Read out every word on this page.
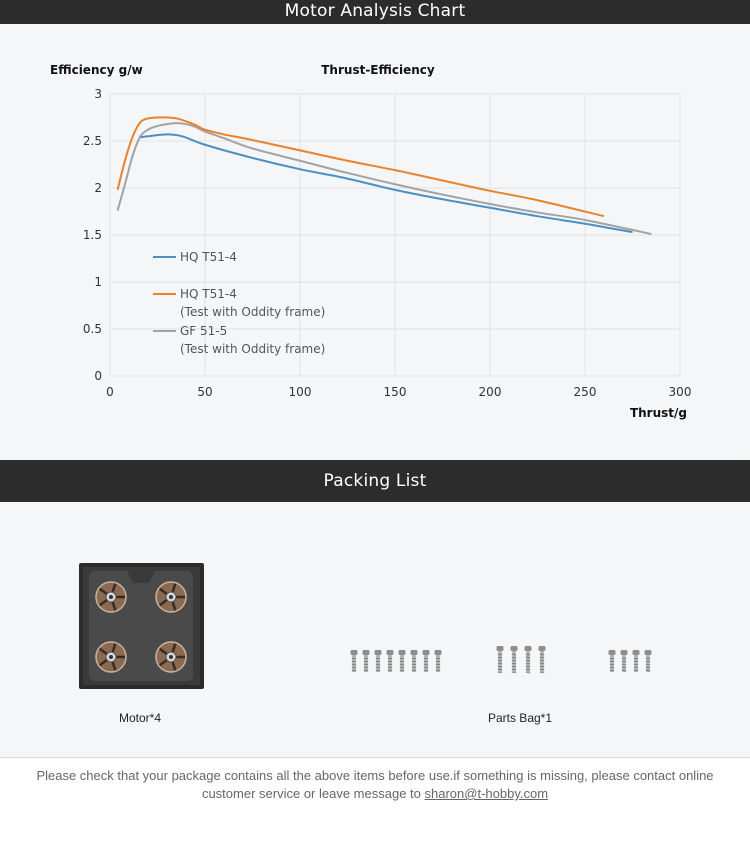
Motor Analysis Chart
0
0.5
1
1.5
2
2.5
3
0	50	100	150	200	250	300
HQ T51-4
HQ T51-4
(Test with Oddity frame)
GF 51-5
(Test with Oddity frame)
Efficiency g/w	Thrust-Efficiency
Thrust/g
Packing List
Motor*4	Parts Bag*1
Please check that your package contains all the above items before use.if something is missing, please contact online
customer service or leave message to sharon@t-hobby.com
